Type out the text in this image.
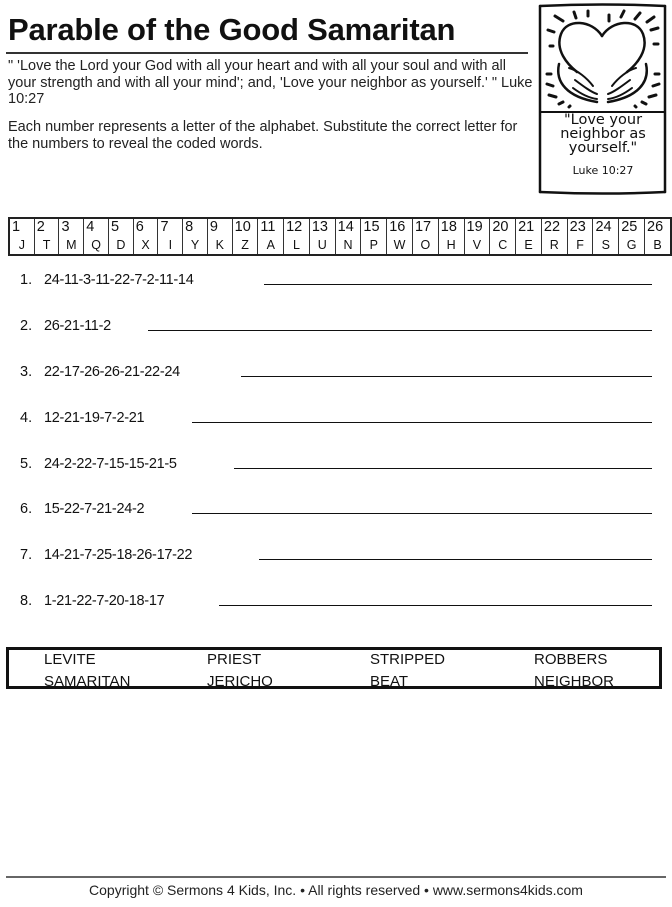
Parable of the Good Samaritan
" 'Love the Lord your God with all your heart and with all your soul and with all your strength and with all your mind'; and, 'Love your neighbor as yourself.' " Luke 10:27
Each number represents a letter of the alphabet. Substitute the correct letter for the numbers to reveal the coded words.
"Love your neighbor as yourself."
Luke 10:27
1	2	3	4	5	6	7	8	9	10	11	12	13	14	15	16	17	18	19	20	21	22	23	24	25	26
J	T	M	Q	D	X	I	Y	K	Z	A	L	U	N	P	W	O	H	V	C	E	R	F	S	G	B
1. 24-11-3-11-22-7-2-11-14
2. 26-21-11-2
3. 22-17-26-26-21-22-24
4. 12-21-19-7-2-21
5. 24-2-22-7-15-15-21-5
6. 15-22-7-21-24-2
7. 14-21-7-25-18-26-17-22
8. 1-21-22-7-20-18-17
LEVITE	PRIEST	STRIPPED	ROBBERS
SAMARITAN	JERICHO	BEAT	NEIGHBOR
Copyright © Sermons 4 Kids, Inc. • All rights reserved • www.sermons4kids.com
